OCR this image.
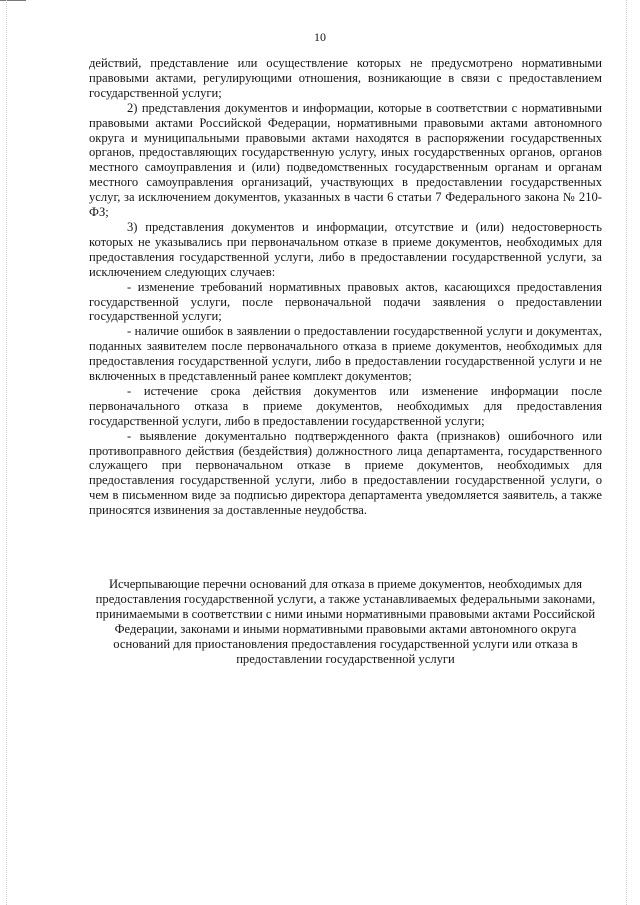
10

действий, представление или осуществление которых не предусмотрено нормативными правовыми актами, регулирующими отношения, возникающие в связи с предоставлением государственной услуги;

2) представления документов и информации, которые в соответствии с нормативными правовыми актами Российской Федерации, нормативными правовыми актами автономного округа и муниципальными правовыми актами находятся в распоряжении государственных органов, предоставляющих государственную услугу, иных государственных органов, органов местного самоуправления и (или) подведомственных государственным органам и органам местного самоуправления организаций, участвующих в предоставлении государственных услуг, за исключением документов, указанных в части 6 статьи 7 Федерального закона № 210-ФЗ;

3) представления документов и информации, отсутствие и (или) недостоверность которых не указывались при первоначальном отказе в приеме документов, необходимых для предоставления государственной услуги, либо в предоставлении государственной услуги, за исключением следующих случаев:

- изменение требований нормативных правовых актов, касающихся предоставления государственной услуги, после первоначальной подачи заявления о предоставлении государственной услуги;

- наличие ошибок в заявлении о предоставлении государственной услуги и документах, поданных заявителем после первоначального отказа в приеме документов, необходимых для предоставления государственной услуги, либо в предоставлении государственной услуги и не включенных в представленный ранее комплект документов;

- истечение срока действия документов или изменение информации после первоначального отказа в приеме документов, необходимых для предоставления государственной услуги, либо в предоставлении государственной услуги;

- выявление документально подтвержденного факта (признаков) ошибочного или противоправного действия (бездействия) должностного лица департамента, государственного служащего при первоначальном отказе в приеме документов, необходимых для предоставления государственной услуги, либо в предоставлении государственной услуги, о чем в письменном виде за подписью директора департамента уведомляется заявитель, а также приносятся извинения за доставленные неудобства.

Исчерпывающие перечни оснований для отказа в приеме документов, необходимых для предоставления государственной услуги, а также устанавливаемых федеральными законами, принимаемыми в соответствии с ними иными нормативными правовыми актами Российской Федерации, законами и иными нормативными правовыми актами автономного округа оснований для приостановления предоставления государственной услуги или отказа в предоставлении государственной услуги
